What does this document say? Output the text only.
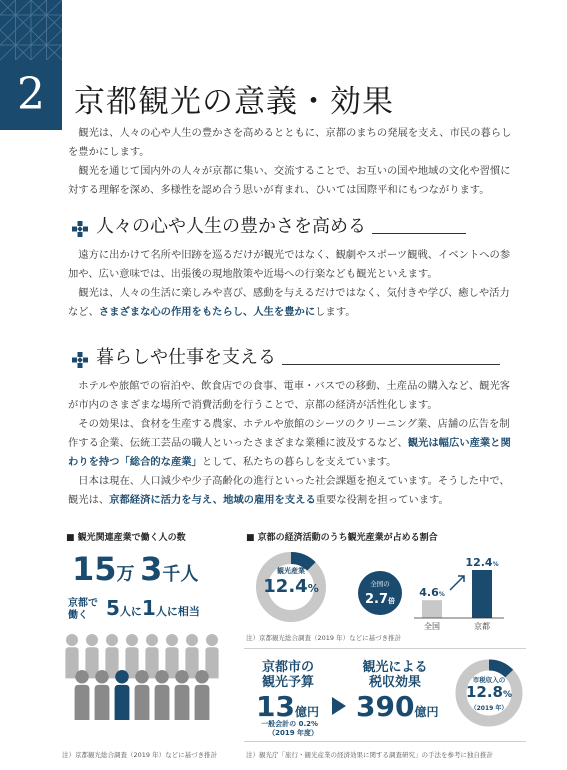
2 京都観光の意義・効果

観光は、人々の心や人生の豊かさを高めるとともに、京都のまちの発展を支え、市民の暮らしを豊かにします。

観光を通じて国内外の人々が京都に集い、交流することで、お互いの国や地域の文化や習慣に対する理解を深め、多様性を認め合う思いが育まれ、ひいては国際平和にもつながります。

人々の心や人生の豊かさを高める

遠方に出かけて名所や旧跡を巡るだけが観光ではなく、観劇やスポーツ観戦、イベントへの参加や、広い意味では、出張後の現地散策や近場への行楽なども観光といえます。

観光は、人々の生活に楽しみや喜び、感動を与えるだけではなく、気付きや学び、癒しや活力など、さまざまな心の作用をもたらし、人生を豊かにします。

暮らしや仕事を支える

ホテルや旅館での宿泊や、飲食店での食事、電車・バスでの移動、土産品の購入など、観光客が市内のさまざまな場所で消費活動を行うことで、京都の経済が活性化します。

その効果は、食材を生産する農家、ホテルや旅館のシーツのクリーニング業、店舗の広告を制作する企業、伝統工芸品の職人といったさまざまな業種に波及するなど、観光は幅広い産業と関わりを持つ「総合的な産業」として、私たちの暮らしを支えています。

日本は現在、人口減少や少子高齢化の進行といった社会課題を抱えています。そうした中で、観光は、京都経済に活力を与え、地域の雇用を支える重要な役割を担っています。

■ 観光関連産業で働く人の数
15万 3千人
京都で
働く 5人に1人に相当
注）京都観光総合調査（2019 年）などに基づき推計
■ 京都の経済活動のうち観光産業が占める割合
観光産業
12.4%	全国の
2.7倍
4.6%
全国
12.4%
京都
注）京都観光総合調査（2019 年）などに基づき推計
京都市の
観光予算
13億円
一般会計の 0.2%
（2019 年度）
観光による
税収効果
390億円
市税収入の
12.8%
（2019 年）
注）観光庁「旅行・観光産業の経済効果に関する調査研究」の手法を参考に独自推計
